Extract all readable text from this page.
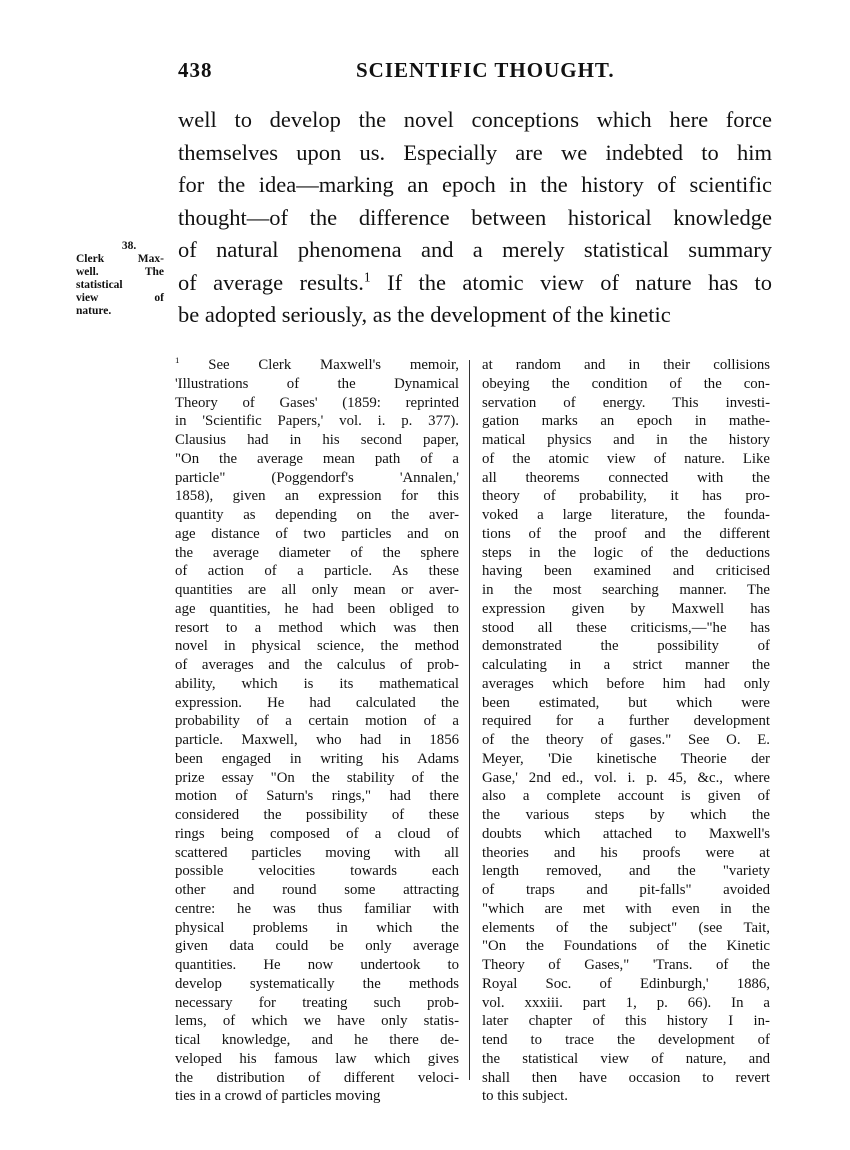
438	SCIENTIFIC THOUGHT.
38.
Clerk Max-
well. The
statistical
view of
nature.
well to develop the novel conceptions which here force
themselves upon us. Especially are we indebted to him
for the idea—marking an epoch in the history of scientific
thought—of the difference between historical knowledge
of natural phenomena and a merely statistical summary
of average results.$^1$ If the atomic view of nature has to
be adopted seriously, as the development of the kinetic
$^1$ See Clerk Maxwell's memoir,
'Illustrations of the Dynamical
Theory of Gases' (1859: reprinted
in 'Scientific Papers,' vol. i. p. 377).
Clausius had in his second paper,
"On the average mean path of a
particle" (Poggendorf's 'Annalen,'
1858), given an expression for this
quantity as depending on the aver-
age distance of two particles and on
the average diameter of the sphere
of action of a particle. As these
quantities are all only mean or aver-
age quantities, he had been obliged to
resort to a method which was then
novel in physical science, the method
of averages and the calculus of prob-
ability, which is its mathematical
expression. He had calculated the
probability of a certain motion of a
particle. Maxwell, who had in 1856
been engaged in writing his Adams
prize essay "On the stability of the
motion of Saturn's rings," had there
considered the possibility of these
rings being composed of a cloud of
scattered particles moving with all
possible velocities towards each
other and round some attracting
centre: he was thus familiar with
physical problems in which the
given data could be only average
quantities. He now undertook to
develop systematically the methods
necessary for treating such prob-
lems, of which we have only statis-
tical knowledge, and he there de-
veloped his famous law which gives
the distribution of different veloci-
ties in a crowd of particles moving
at random and in their collisions
obeying the condition of the con-
servation of energy. This investi-
gation marks an epoch in mathe-
matical physics and in the history
of the atomic view of nature. Like
all theorems connected with the
theory of probability, it has pro-
voked a large literature, the founda-
tions of the proof and the different
steps in the logic of the deductions
having been examined and criticised
in the most searching manner. The
expression given by Maxwell has
stood all these criticisms,—"he has
demonstrated the possibility of
calculating in a strict manner the
averages which before him had only
been estimated, but which were
required for a further development
of the theory of gases." See O. E.
Meyer, 'Die kinetische Theorie der
Gase,' 2nd ed., vol. i. p. 45, &c., where
also a complete account is given of
the various steps by which the
doubts which attached to Maxwell's
theories and his proofs were at
length removed, and the "variety
of traps and pit-falls" avoided
"which are met with even in the
elements of the subject" (see Tait,
"On the Foundations of the Kinetic
Theory of Gases," 'Trans. of the
Royal Soc. of Edinburgh,' 1886,
vol. xxxiii. part 1, p. 66). In a
later chapter of this history I in-
tend to trace the development of
the statistical view of nature, and
shall then have occasion to revert
to this subject.
